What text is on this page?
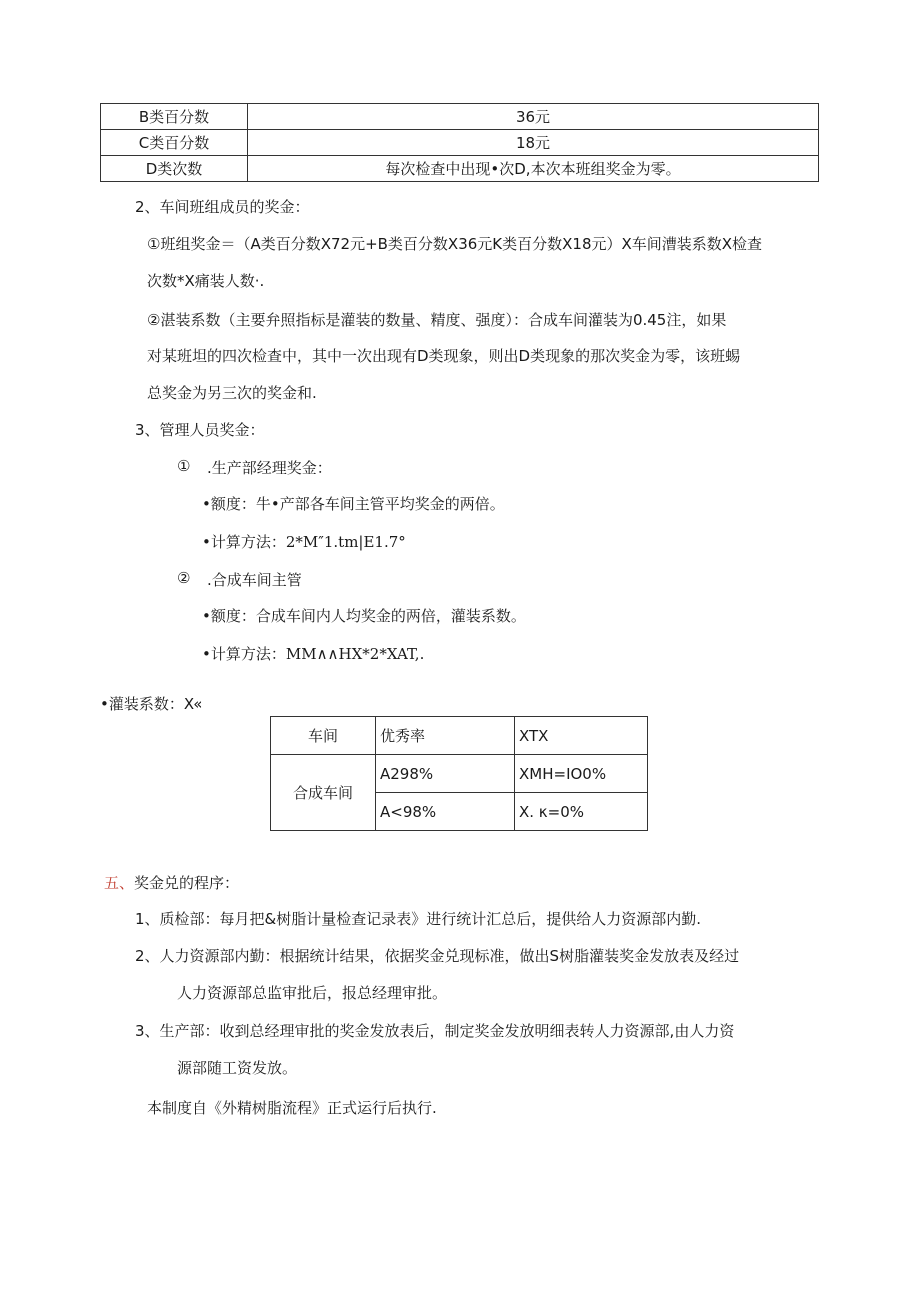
B类百分数	36元
C类百分数	18元
D类次数	每次检查中出现•次D,本次本班组奖金为零。
2、车间班组成员的奖金：
①班组奖金＝（A类百分数X72元+B类百分数X36元K类百分数X18元）X车间漕装系数X检查
次数*X痛装人数·.
②湛装系数（主要弁照指标是灌装的数量、精度、强度）：合成车间灌装为0.45注，如果
对某班坦的四次检查中，其中一次出现有D类现象，则出D类现象的那次奖金为零，该班蜴
总奖金为另三次的奖金和.
3、管理人员奖金：
① .生产部经理奖金：
•额度：牛•产部各车间主管平均奖金的两倍。
•计算方法：2*M″1.tm|E1.7°
② .合成车间主管
•额度：合成车间内人均奖金的两倍，灌装系数。
•计算方法：MM∧∧HX*2*XAT,.
•灌装系数：X«
车间	优秀率	XTX
合成车间	A298%	XMH=IO0%
	A<98%	X. κ=0%
五、奖金兑的程序：
1、质检部：每月把&树脂计量检查记录表》进行统计汇总后，提供给人力资源部内勤.
2、人力资源部内勤：根据统计结果，依据奖金兑现标准，做出S树脂灌装奖金发放表及经过
人力资源部总监审批后，报总经理审批。
3、生产部：收到总经理审批的奖金发放表后，制定奖金发放明细表转人力资源部,由人力资
源部随工资发放。
本制度自《外精树脂流程》正式运行后执行.
